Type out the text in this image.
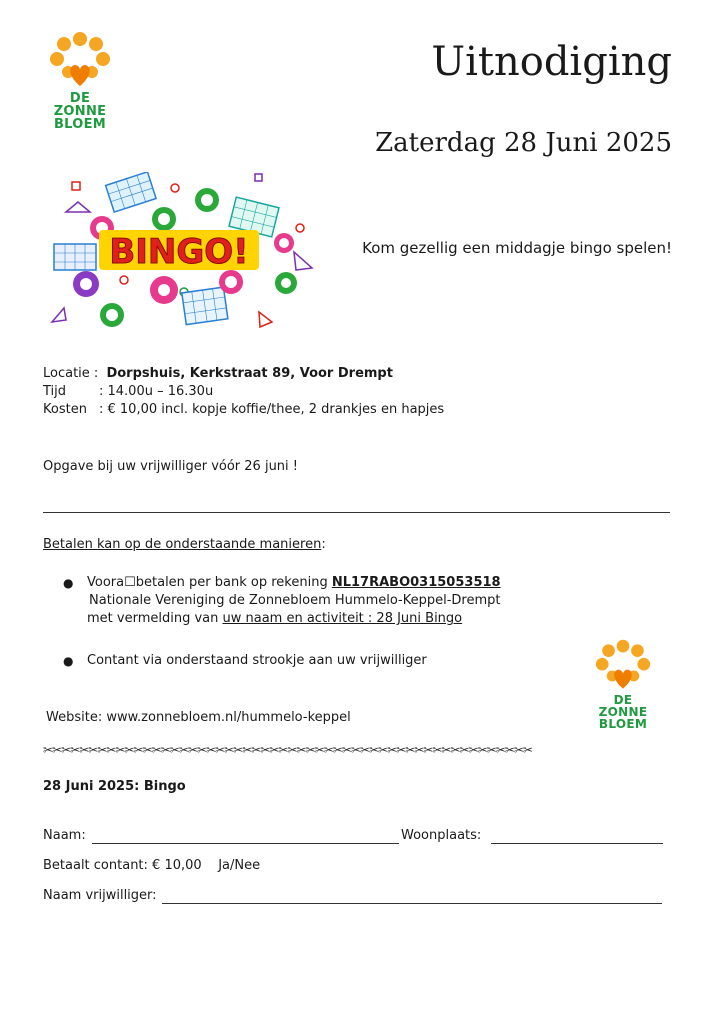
DE
ZONNE
BLOEM
Uitnodiging
Zaterdag 28 Juni 2025
BINGO!	Kom gezellig een middagje bingo spelen!
Locatie : Dorpshuis, Kerkstraat 89, Voor Drempt
Tijd	: 14.00u – 16.30u
Kosten : € 10,00 incl. kopje koffie/thee, 2 drankjes en hapjes
Opgave bij uw vrijwilliger vóór 26 juni !
Betalen kan op de onderstaande manieren:
● Voora☐betalen per bank op rekening NL17RABO0315053518
Nationale Vereniging de Zonnebloem Hummelo-Keppel-Drempt
met vermelding van uw naam en activiteit : 28 Juni Bingo
● Contant via onderstaand strookje aan uw vrijwilliger
DE
ZONNE
BLOEM
Website: www.zonnebloem.nl/hummelo-keppel
✂✂✂✂✂✂✂✂✂✂✂✂✂✂✂✂✂✂✂✂✂✂✂✂✂✂✂✂✂✂✂✂✂✂✂✂✂✂✂✂✂✂✂✂✂✂✂✂✂✂✂✂✂✂
28 Juni 2025: Bingo
Naam:	Woonplaats:
Betaalt contant: € 10,00    Ja/Nee
Naam vrijwilliger:
